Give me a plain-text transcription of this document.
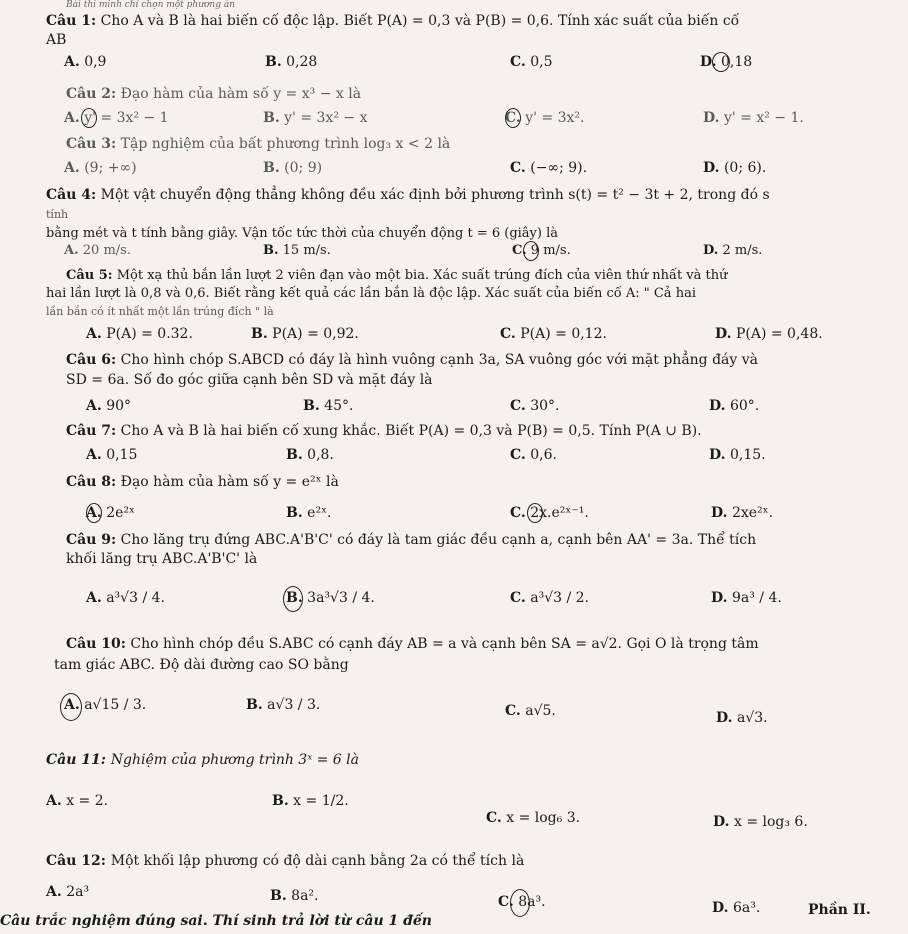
Bài thi minh chỉ chọn một phương án
Câu 1: Cho A và B là hai biến cố độc lập. Biết P(A) = 0,3 và P(B) = 0,6. Tính xác suất của biến cố
AB
A. 0,9	B. 0,28	C. 0,5	D. 0,18
Câu 2: Đạo hàm của hàm số y = x³ − x là
A. y' = 3x² − 1	B. y' = 3x² − x	C. y' = 3x².	D. y' = x² − 1.
Câu 3: Tập nghiệm của bất phương trình log₃ x < 2 là
A. (9; +∞)	B. (0; 9)	C. (−∞; 9).	D. (0; 6).
Câu 4: Một vật chuyển động thẳng không đều xác định bởi phương trình s(t) = t² − 3t + 2, trong đó s
tính
bằng mét và t tính bằng giây. Vận tốc tức thời của chuyển động t = 6 (giây) là
A. 20 m/s.	B. 15 m/s.	C. 9 m/s.	D. 2 m/s.
Câu 5: Một xạ thủ bắn lần lượt 2 viên đạn vào một bia. Xác suất trúng đích của viên thứ nhất và thứ
hai lần lượt là 0,8 và 0,6. Biết rằng kết quả các lần bắn là độc lập. Xác suất của biến cố A: " Cả hai
lần bắn có ít nhất một lần trúng đích " là
A. P(A) = 0.32.	B. P(A) = 0,92.	C. P(A) = 0,12.	D. P(A) = 0,48.
Câu 6: Cho hình chóp S.ABCD có đáy là hình vuông cạnh 3a, SA vuông góc với mặt phẳng đáy và
SD = 6a. Số đo góc giữa cạnh bên SD và mặt đáy là
A. 90°	B. 45°.	C. 30°.	D. 60°.
Câu 7: Cho A và B là hai biến cố xung khắc. Biết P(A) = 0,3 và P(B) = 0,5. Tính P(A ∪ B).
A. 0,15	B. 0,8.	C. 0,6.	D. 0,15.
Câu 8: Đạo hàm của hàm số y = e²ˣ là
A. 2e²ˣ	B. e²ˣ.	C. 2x.e²ˣ⁻¹.	D. 2xe²ˣ.
Câu 9: Cho lăng trụ đứng ABC.A'B'C' có đáy là tam giác đều cạnh a, cạnh bên AA' = 3a. Thể tích
khối lăng trụ ABC.A'B'C' là
A. a³√3 / 4.	B. 3a³√3 / 4.	C. a³√3 / 2.	D. 9a³ / 4.
Câu 10: Cho hình chóp đều S.ABC có cạnh đáy AB = a và cạnh bên SA = a√2. Gọi O là trọng tâm
tam giác ABC. Độ dài đường cao SO bằng
A. a√15 / 3.	B. a√3 / 3.	C. a√5.	D. a√3.
Câu 11: Nghiệm của phương trình 3ˣ = 6 là
A. x = 2.	B. x = 1/2.
C. x = log₆ 3.	D. x = log₃ 6.
Câu 12: Một khối lập phương có độ dài cạnh bằng 2a có thể tích là
A. 2a³	B. 8a².	C. 8a³.	D. 6a³.
Câu trắc nghiệm đúng sai. Thí sinh trả lời từ câu 1 đến
Phần II.
